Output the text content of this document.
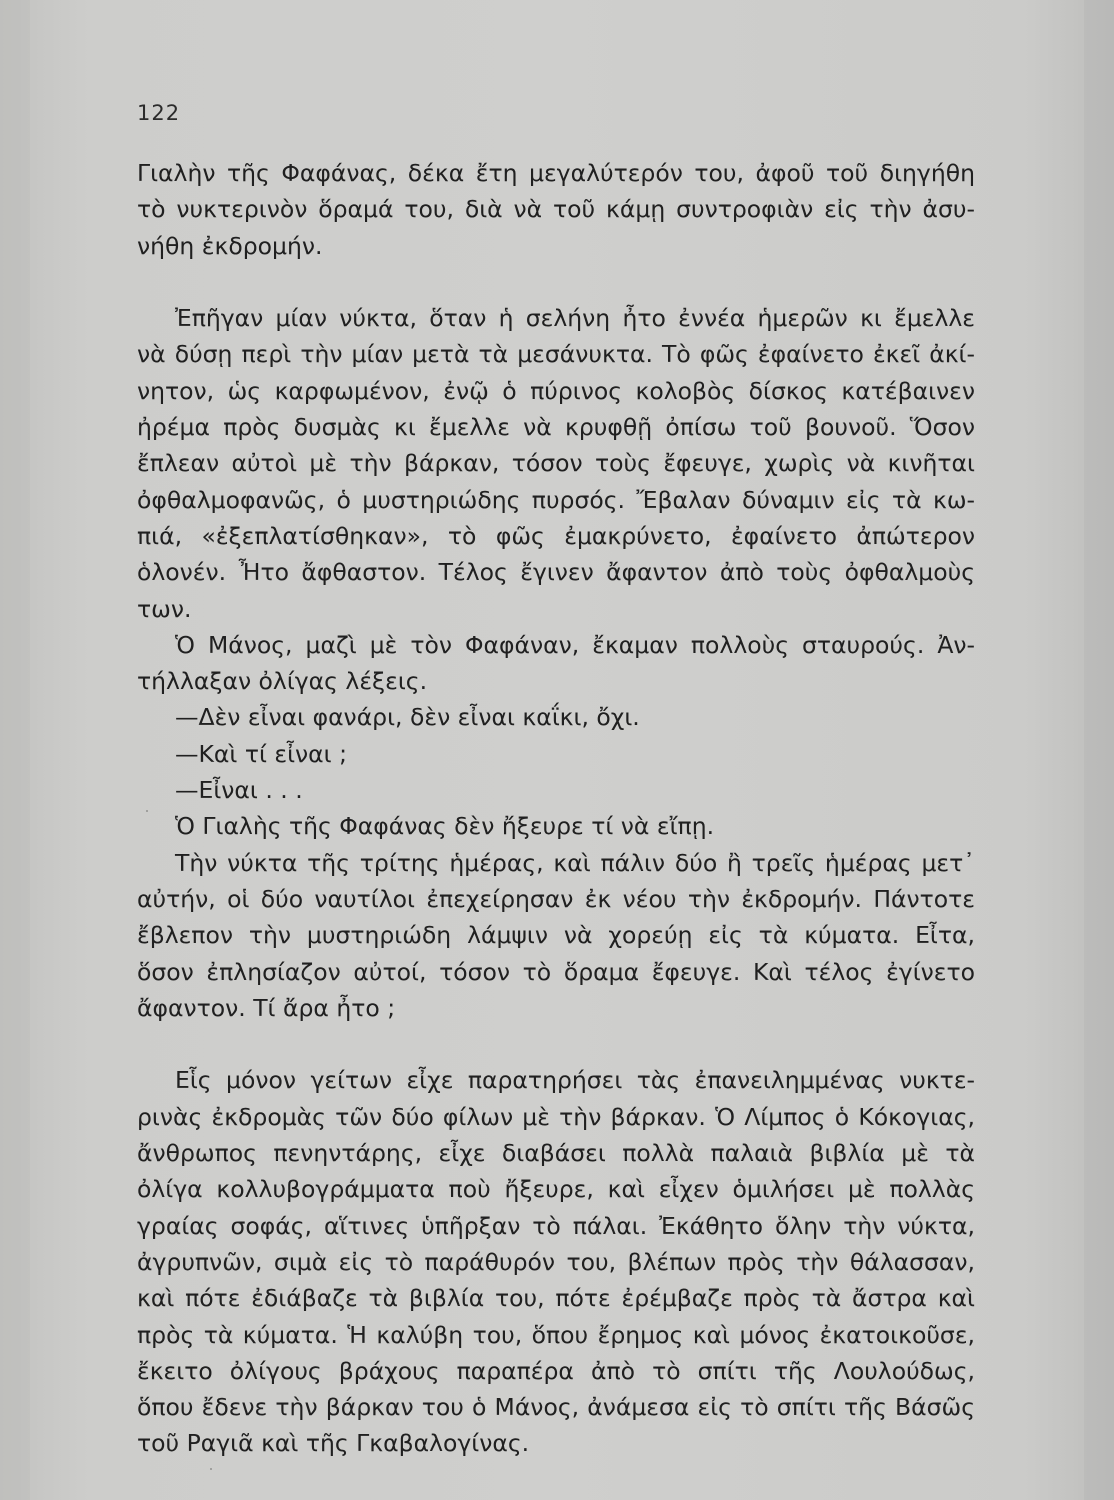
122
Γιαλὴν τῆς Φαφάνας, δέκα ἔτη μεγαλύτερόν του, ἀφοῦ τοῦ διηγήθη
τὸ νυκτερινὸν ὅραμά του, διὰ νὰ τοῦ κάμῃ συντροφιὰν εἰς τὴν ἀσυ-
νήθη ἐκδρομήν.
Ἐπῆγαν μίαν νύκτα, ὅταν ἡ σελήνη ἦτο ἐννέα ἡμερῶν κι ἔμελλε
νὰ δύσῃ περὶ τὴν μίαν μετὰ τὰ μεσάνυκτα. Τὸ φῶς ἐφαίνετο ἐκεῖ ἀκί-
νητον, ὡς καρφωμένον, ἐνῷ ὁ πύρινος κολοβὸς δίσκος κατέβαινεν
ἠρέμα πρὸς δυσμὰς κι ἔμελλε νὰ κρυφθῇ ὀπίσω τοῦ βουνοῦ. Ὅσον
ἔπλεαν αὐτοὶ μὲ τὴν βάρκαν, τόσον τοὺς ἔφευγε, χωρὶς νὰ κινῆται
ὀφθαλμοφανῶς, ὁ μυστηριώδης πυρσός. Ἔβαλαν δύναμιν εἰς τὰ κω-
πιά, «ἐξεπλατίσθηκαν», τὸ φῶς ἐμακρύνετο, ἐφαίνετο ἀπώτερον
ὁλονέν. Ἦτο ἄφθαστον. Τέλος ἔγινεν ἄφαντον ἀπὸ τοὺς ὀφθαλμοὺς
των.
Ὁ Μάνος, μαζὶ μὲ τὸν Φαφάναν, ἔκαμαν πολλοὺς σταυρούς. Ἀν-
τήλλαξαν ὀλίγας λέξεις.
—Δὲν εἶναι φανάρι, δὲν εἶναι καΐκι, ὄχι.
—Καὶ τί εἶναι ;
—Εἶναι . . .
Ὁ Γιαλὴς τῆς Φαφάνας δὲν ἤξευρε τί νὰ εἴπῃ.
Τὴν νύκτα τῆς τρίτης ἡμέρας, καὶ πάλιν δύο ἢ τρεῖς ἡμέρας μετ᾽
αὐτήν, οἱ δύο ναυτίλοι ἐπεχείρησαν ἐκ νέου τὴν ἐκδρομήν. Πάντοτε
ἔβλεπον τὴν μυστηριώδη λάμψιν νὰ χορεύῃ εἰς τὰ κύματα. Εἶτα,
ὅσον ἐπλησίαζον αὐτοί, τόσον τὸ ὅραμα ἔφευγε. Καὶ τέλος ἐγίνετο
ἄφαντον. Τί ἄρα ἦτο ;
Εἷς μόνον γείτων εἶχε παρατηρήσει τὰς ἐπανειλημμένας νυκτε-
ρινὰς ἐκδρομὰς τῶν δύο φίλων μὲ τὴν βάρκαν. Ὁ Λίμπος ὁ Κόκογιας,
ἄνθρωπος πενηντάρης, εἶχε διαβάσει πολλὰ παλαιὰ βιβλία μὲ τὰ
ὀλίγα κολλυβογράμματα ποὺ ἤξευρε, καὶ εἶχεν ὁμιλήσει μὲ πολλὰς
γραίας σοφάς, αἵτινες ὑπῆρξαν τὸ πάλαι. Ἐκάθητο ὅλην τὴν νύκτα,
ἀγρυπνῶν, σιμὰ εἰς τὸ παράθυρόν του, βλέπων πρὸς τὴν θάλασσαν,
καὶ πότε ἐδιάβαζε τὰ βιβλία του, πότε ἐρέμβαζε πρὸς τὰ ἄστρα καὶ
πρὸς τὰ κύματα. Ἡ καλύβη του, ὅπου ἔρημος καὶ μόνος ἐκατοικοῦσε,
ἔκειτο ὀλίγους βράχους παραπέρα ἀπὸ τὸ σπίτι τῆς Λουλούδως,
ὅπου ἔδενε τὴν βάρκαν του ὁ Μάνος, ἀνάμεσα εἰς τὸ σπίτι τῆς Βάσῶς
τοῦ Ραγιᾶ καὶ τῆς Γκαβαλογίνας.
